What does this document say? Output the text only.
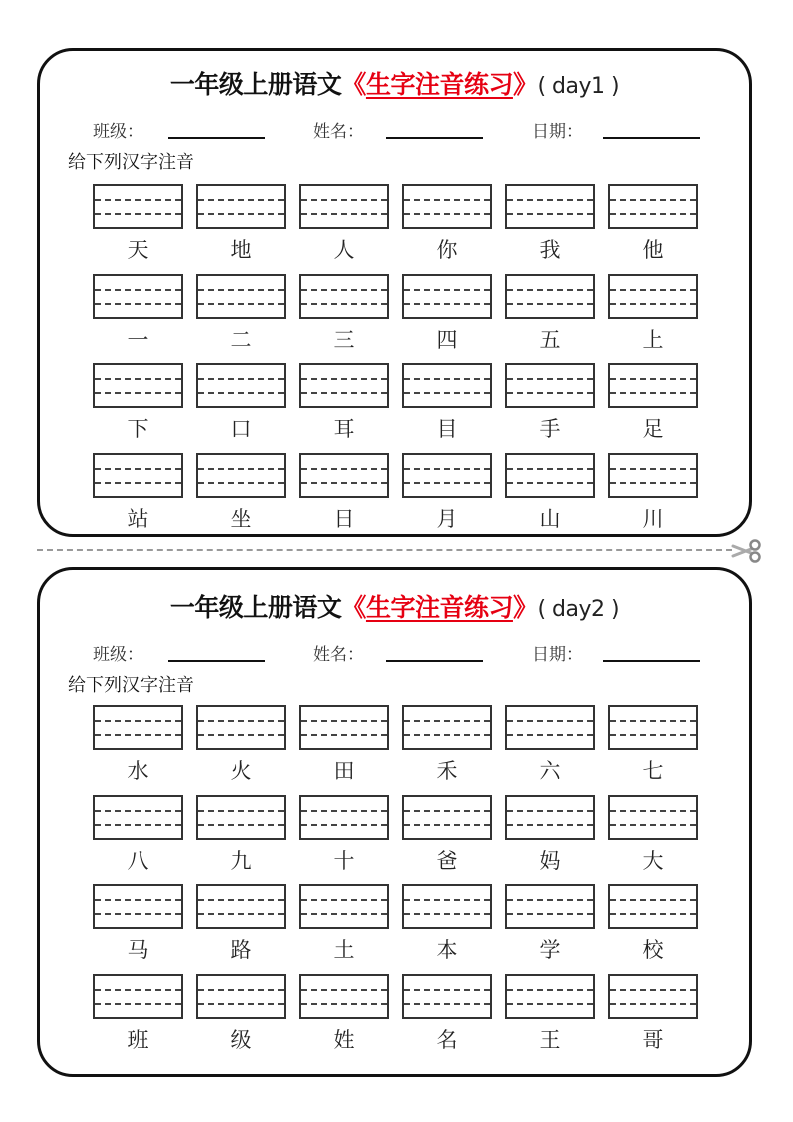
一年级上册语文《生字注音练习》( day1 )
班级：	姓名：	日期：
给下列汉字注音
天	地	人	你	我	他
一	二	三	四	五	上
下	口	耳	目	手	足
站	坐	日	月	山	川
一年级上册语文《生字注音练习》( day2 )
班级：	姓名：	日期：
给下列汉字注音
水	火	田	禾	六	七
八	九	十	爸	妈	大
马	路	土	本	学	校
班	级	姓	名	王	哥
